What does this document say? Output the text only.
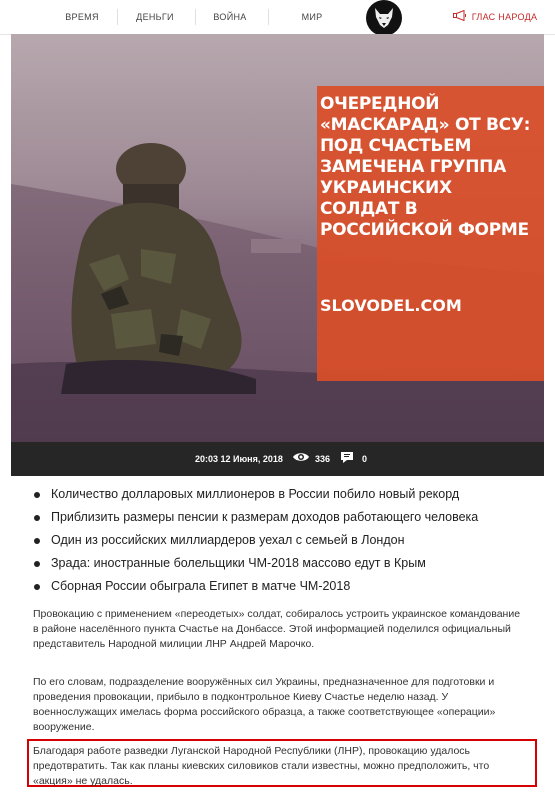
ВРЕМЯ	ДЕНЬГИ	ВОЙНА	МИР	ГЛАС НАРОДА
ОЧЕРЕДНОЙ «МАСКАРАД» ОТ ВСУ: ПОД СЧАСТЬЕМ ЗАМЕЧЕНА ГРУППА УКРАИНСКИХ СОЛДАТ В РОССИЙСКОЙ ФОРМЕ
SLOVODEL.COM
20:03 12 Июня, 2018	336	0
Количество долларовых миллионеров в России побило новый рекорд
Приблизить размеры пенсии к размерам доходов работающего человека
Один из российских миллиардеров уехал с семьей в Лондон
Зрада: иностранные болельщики ЧМ-2018 массово едут в Крым
Сборная России обыграла Египет в матче ЧМ-2018
Провокацию с применением «переодетых» солдат, собиралось устроить украинское командование в районе населённого пункта Счастье на Донбассе. Этой информацией поделился официальный представитель Народной милиции ЛНР Андрей Марочко.
По его словам, подразделение вооружённых сил Украины, предназначенное для подготовки и проведения провокации, прибыло в подконтрольное Киеву Счастье неделю назад. У военнослужащих имелась форма российского образца, а также соответствующее «операции» вооружение.
Благодаря работе разведки Луганской Народной Республики (ЛНР), провокацию удалось предотвратить. Так как планы киевских силовиков стали известны, можно предположить, что «акция» не удалась.
